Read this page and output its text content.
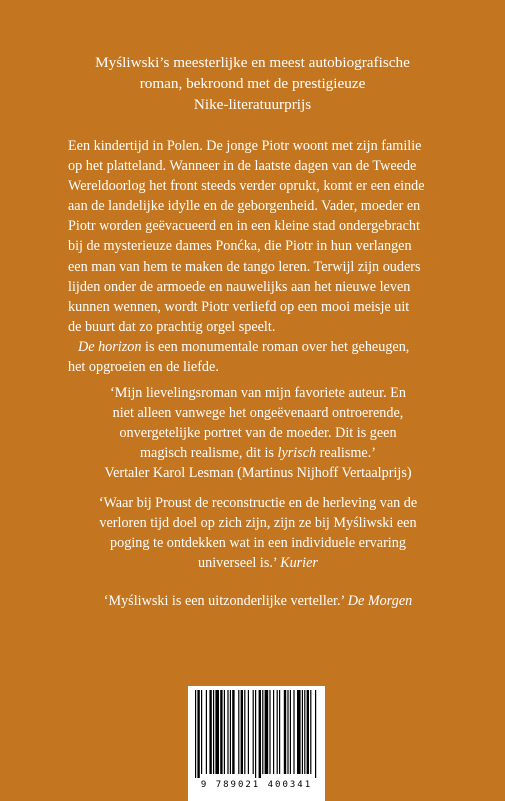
Myśliwski’s meesterlijke en meest autobiografische
roman, bekroond met de prestigieuze
Nike-literatuurprijs
Een kindertijd in Polen. De jonge Piotr woont met zijn familie
op het platteland. Wanneer in de laatste dagen van de Tweede
Wereldoorlog het front steeds verder oprukt, komt er een einde
aan de landelijke idylle en de geborgenheid. Vader, moeder en
Piotr worden geëvacueerd en in een kleine stad ondergebracht
bij de mysterieuze dames Ponćka, die Piotr in hun verlangen
een man van hem te maken de tango leren. Terwijl zijn ouders
lijden onder de armoede en nauwelijks aan het nieuwe leven
kunnen wennen, wordt Piotr verliefd op een mooi meisje uit
de buurt dat zo prachtig orgel speelt.
De horizon is een monumentale roman over het geheugen,
het opgroeien en de liefde.
‘Mijn lievelingsroman van mijn favoriete auteur. En
niet alleen vanwege het ongeëvenaard ontroerende,
onvergetelijke portret van de moeder. Dit is geen
magisch realisme, dit is lyrisch realisme.’
Vertaler Karol Lesman (Martinus Nijhoff Vertaalprijs)
‘Waar bij Proust de reconstructie en de herleving van de
verloren tijd doel op zich zijn, zijn ze bij Myśliwski een
poging te ontdekken wat in een individuele ervaring
universeel is.’ Kurier
‘Myśliwski is een uitzonderlijke verteller.’ De Morgen
9 789021 400341
